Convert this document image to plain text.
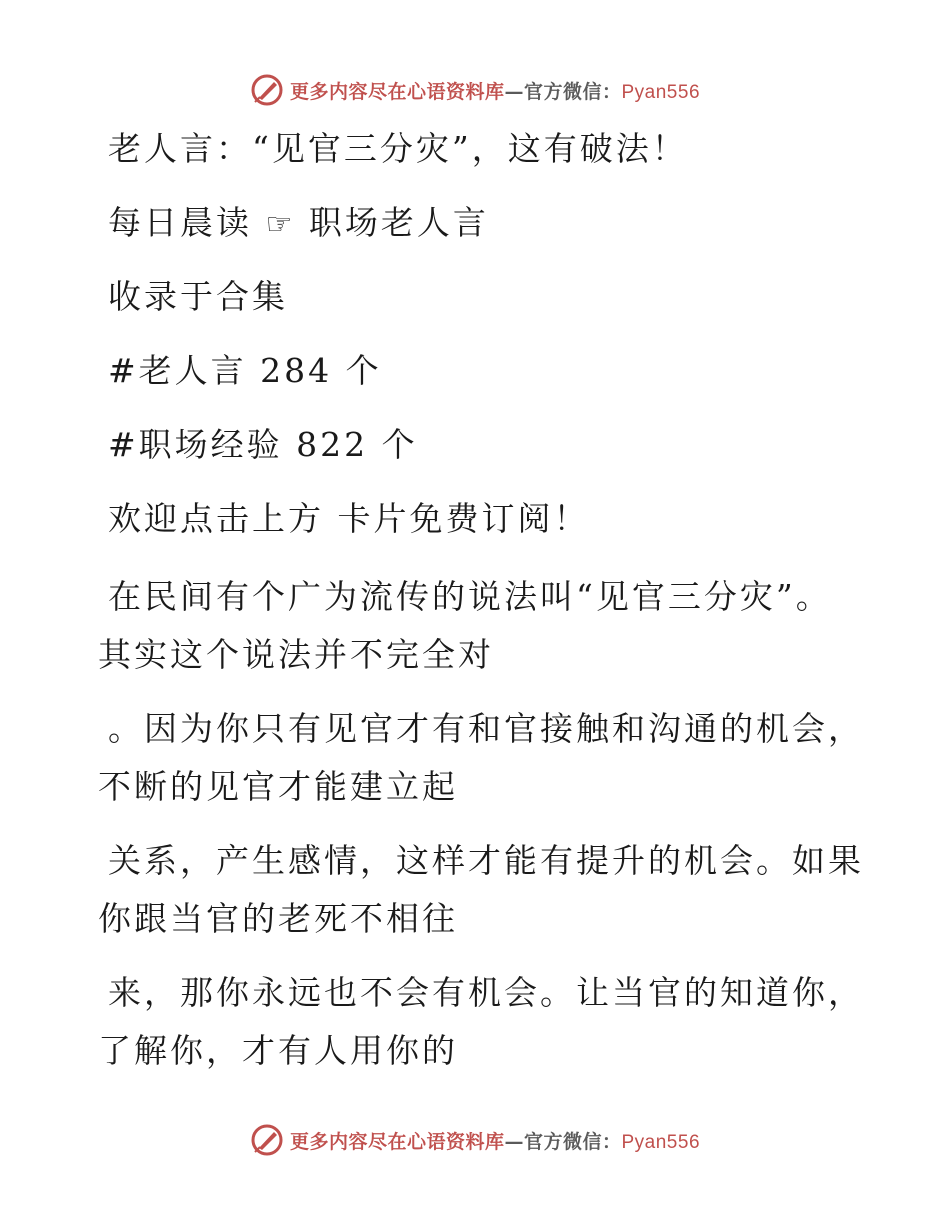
更多内容尽在心语资料库—官方微信：Pyan556
老人言：“见官三分灾”，这有破法！
每日晨读 ☞ 职场老人言
收录于合集
#老人言 284 个
#职场经验 822 个
欢迎点击上方 卡片免费订阅！
在民间有个广为流传的说法叫“见官三分灾”。
其实这个说法并不完全对
。因为你只有见官才有和官接触和沟通的机会，
不断的见官才能建立起
关系，产生感情，这样才能有提升的机会。如果
你跟当官的老死不相往
来，那你永远也不会有机会。让当官的知道你，
了解你，才有人用你的
更多内容尽在心语资料库—官方微信：Pyan556
